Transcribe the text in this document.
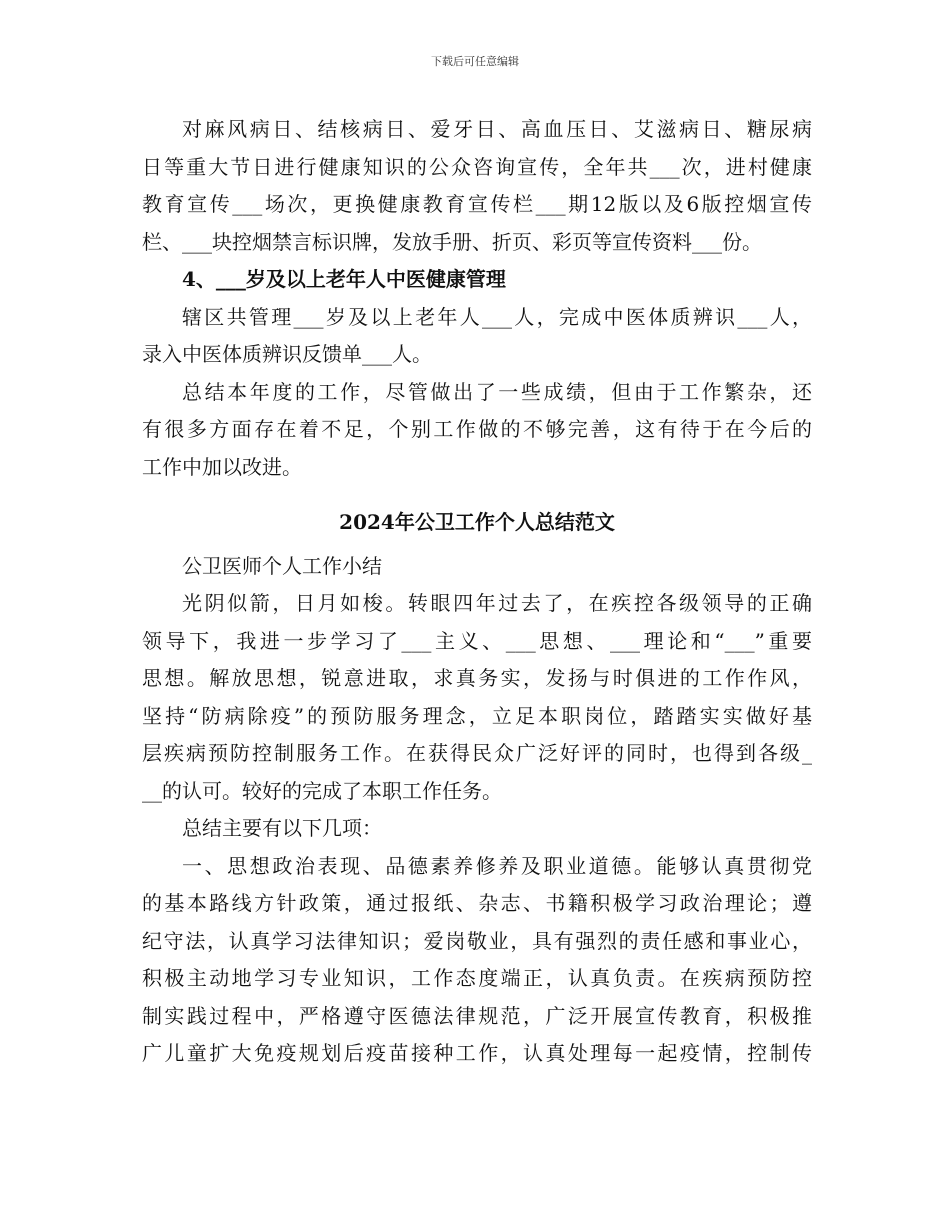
下载后可任意编辑
对麻风病日、结核病日、爱牙日、高血压日、艾滋病日、糖尿病
日等重大节日进行健康知识的公众咨询宣传，全年共___次，进村健康
教育宣传___场次，更换健康教育宣传栏___期12版以及6版控烟宣传
栏、___块控烟禁言标识牌，发放手册、折页、彩页等宣传资料___份。
4、___岁及以上老年人中医健康管理
辖区共管理___岁及以上老年人___人，完成中医体质辨识___人，
录入中医体质辨识反馈单___人。
总结本年度的工作，尽管做出了一些成绩，但由于工作繁杂，还
有很多方面存在着不足，个别工作做的不够完善，这有待于在今后的
工作中加以改进。
2024年公卫工作个人总结范文
公卫医师个人工作小结
光阴似箭，日月如梭。转眼四年过去了，在疾控各级领导的正确
领导下，我进一步学习了___主义、___思想、___理论和“___”重要
思想。解放思想，锐意进取，求真务实，发扬与时俱进的工作作风，
坚持“防病除疫”的预防服务理念，立足本职岗位，踏踏实实做好基
层疾病预防控制服务工作。在获得民众广泛好评的同时，也得到各级_
__的认可。较好的完成了本职工作任务。
总结主要有以下几项：
一、思想政治表现、品德素养修养及职业道德。能够认真贯彻党
的基本路线方针政策，通过报纸、杂志、书籍积极学习政治理论；遵
纪守法，认真学习法律知识；爱岗敬业，具有强烈的责任感和事业心，
积极主动地学习专业知识，工作态度端正，认真负责。在疾病预防控
制实践过程中，严格遵守医德法律规范，广泛开展宣传教育，积极推
广儿童扩大免疫规划后疫苗接种工作，认真处理每一起疫情，控制传
